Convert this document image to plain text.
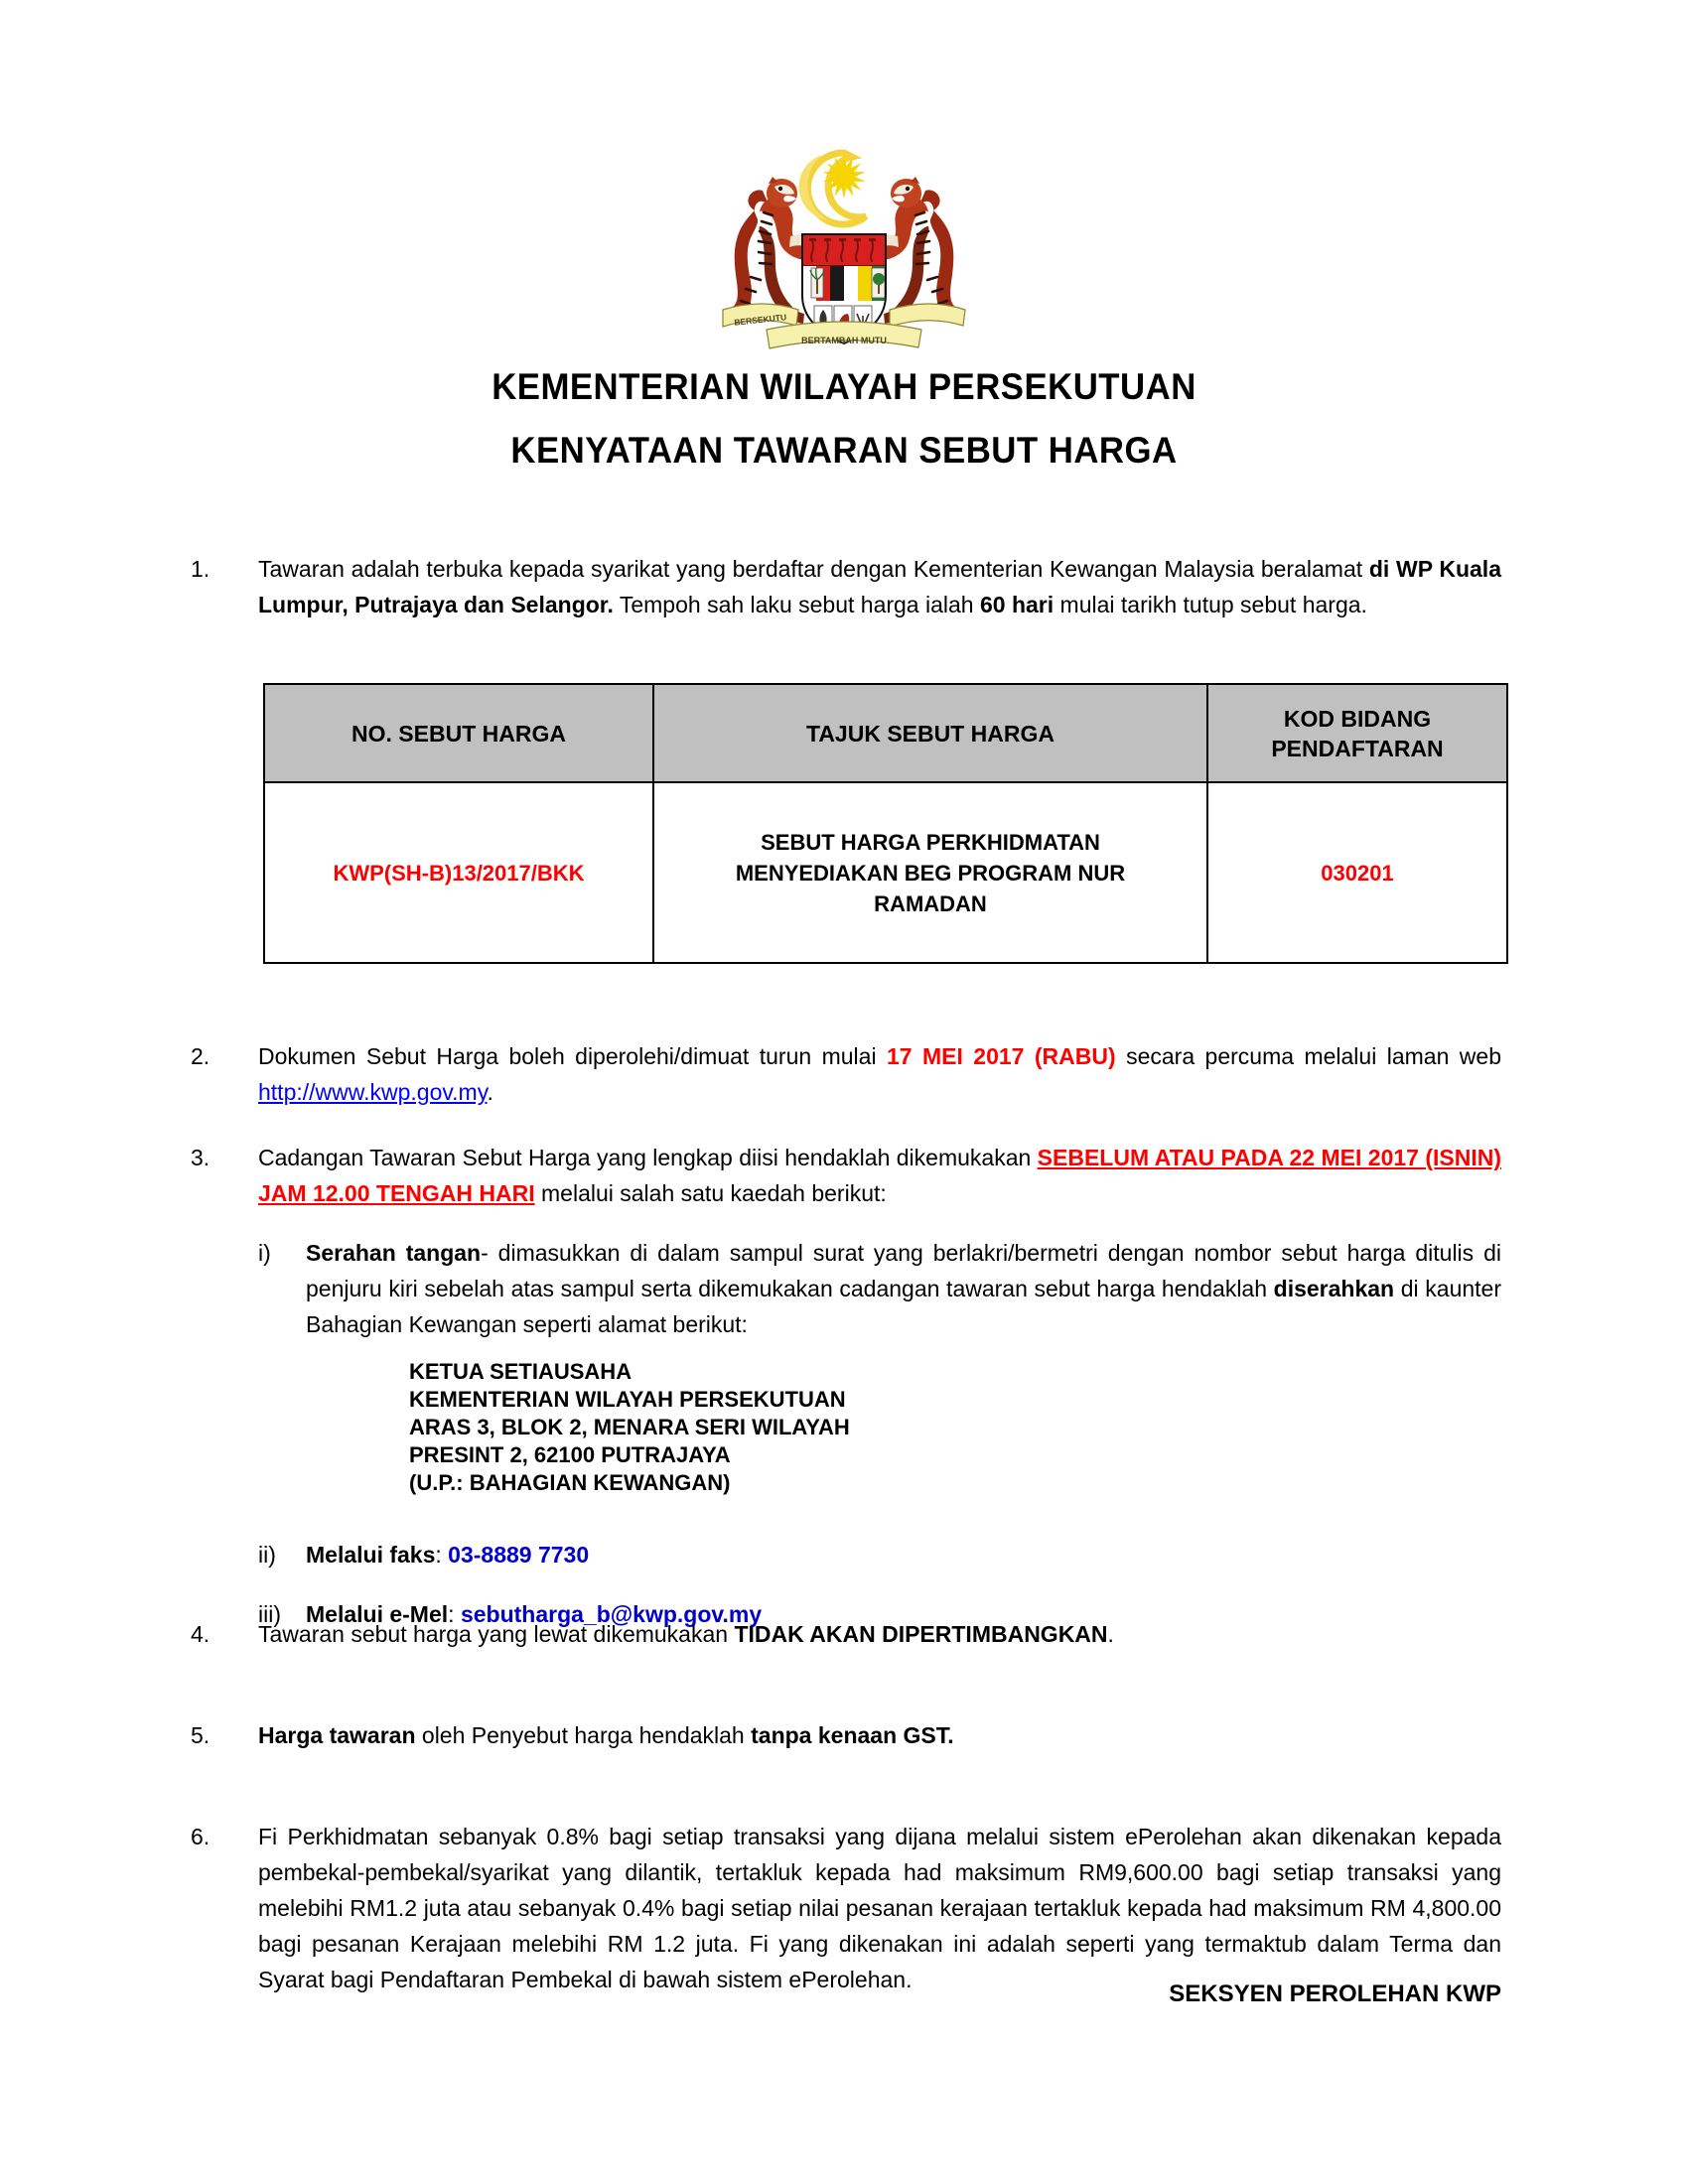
BERSEKUTU
BERTAMBAH MUTU
KEMENTERIAN WILAYAH PERSEKUTUAN
KENYATAAN TAWARAN SEBUT HARGA
1.	Tawaran adalah terbuka kepada syarikat yang berdaftar dengan Kementerian Kewangan Malaysia beralamat di WP Kuala Lumpur, Putrajaya dan Selangor. Tempoh sah laku sebut harga ialah 60 hari mulai tarikh tutup sebut harga.
NO. SEBUT HARGA	TAJUK SEBUT HARGA	KOD BIDANG
PENDAFTARAN

KWP(SH-B)13/2017/BKK	SEBUT HARGA PERKHIDMATAN MENYEDIAKAN BEG PROGRAM NUR RAMADAN	030201
2.	Dokumen Sebut Harga boleh diperolehi/dimuat turun mulai 17 MEI 2017 (RABU) secara percuma melalui laman web http://www.kwp.gov.my.
3.	Cadangan Tawaran Sebut Harga yang lengkap diisi hendaklah dikemukakan SEBELUM ATAU PADA 22 MEI 2017 (ISNIN) JAM 12.00 TENGAH HARI melalui salah satu kaedah berikut:
i)	Serahan tangan- dimasukkan di dalam sampul surat yang berlakri/bermetri dengan nombor sebut harga ditulis di penjuru kiri sebelah atas sampul serta dikemukakan cadangan tawaran sebut harga hendaklah diserahkan di kaunter Bahagian Kewangan seperti alamat berikut:
KETUA SETIAUSAHA
KEMENTERIAN WILAYAH PERSEKUTUAN
ARAS 3, BLOK 2, MENARA SERI WILAYAH
PRESINT 2, 62100 PUTRAJAYA
(U.P.: BAHAGIAN KEWANGAN)
ii)	Melalui faks: 03-8889 7730
iii)	Melalui e-Mel: sebutharga_b@kwp.gov.my
4.	Tawaran sebut harga yang lewat dikemukakan TIDAK AKAN DIPERTIMBANGKAN.
5.	Harga tawaran oleh Penyebut harga hendaklah tanpa kenaan GST.
6.	Fi Perkhidmatan sebanyak 0.8% bagi setiap transaksi yang dijana melalui sistem ePerolehan akan dikenakan kepada pembekal-pembekal/syarikat yang dilantik, tertakluk kepada had maksimum RM9,600.00 bagi setiap transaksi yang melebihi RM1.2 juta atau sebanyak 0.4% bagi setiap nilai pesanan kerajaan tertakluk kepada had maksimum RM 4,800.00 bagi pesanan Kerajaan melebihi RM 1.2 juta. Fi yang dikenakan ini adalah seperti yang termaktub dalam Terma dan Syarat bagi Pendaftaran Pembekal di bawah sistem ePerolehan.
SEKSYEN PEROLEHAN KWP
